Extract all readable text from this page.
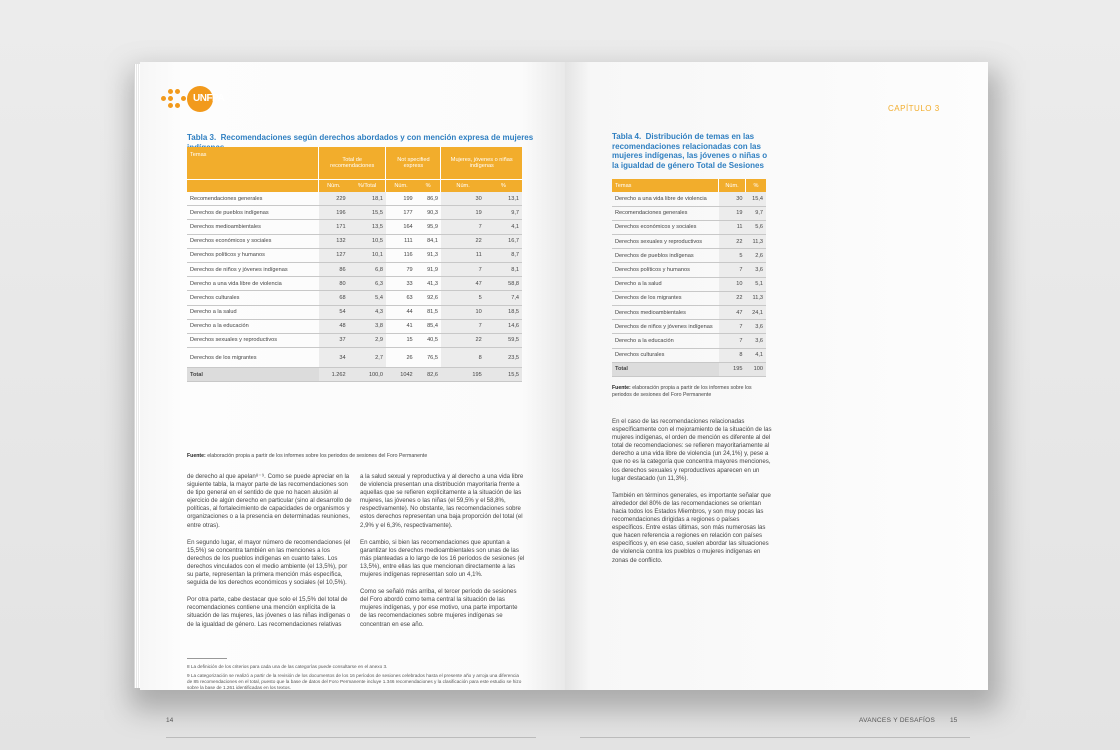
UNFPA
Tabla 3. Recomendaciones según derechos abordados y con mención expresa de mujeres
Temas	Total de recomendaciones		Not specified express		Mujeres, jóvenes o niñas indígenas	
	Núm.	%/Total	Núm.	%	Núm.	%
Recomendaciones generales	229	18,1	199	86,9	30	13,1
Derechos de pueblos indígenas	196	15,5	177	90,3	19	9,7
Derechos medioambientales	171	13,5	164	95,9	7	4,1
Derechos económicos y sociales	132	10,5	111	84,1	22	16,7
Derechos políticos y humanos	127	10,1	116	91,3	11	8,7
Derechos de niños y jóvenes indígenas	86	6,8	79	91,9	7	8,1
Derecho a una vida libre de violencia	80	6,3	33	41,3	47	58,8
Derechos culturales	68	5,4	63	92,6	5	7,4
Derecho a la salud	54	4,3	44	81,5	10	18,5
Derecho a la educación	48	3,8	41	85,4	7	14,6
Derechos sexuales y reproductivos	37	2,9	15	40,5	22	59,5
Derechos de los migrantes	34	2,7	26	76,5	8	23,5
Total	1.262	100,0	1042	82,6	195	15,5
Fuente: elaboración propia a partir de los informes sobre los periodos de sesiones del Foro Permanente

de derecho al que apelan⁸⁻⁹. Como se puede apreciar en la siguiente tabla, la mayor parte de las recomendaciones son de tipo general en el sentido de que no hacen alusión al ejercicio de algún derecho en particular (sino al desarrollo de políticas, al fortalecimiento de capacidades de organismos y organizaciones o a la presencia en determinadas reuniones, entre otras).

En segundo lugar, el mayor número de recomendaciones (el 15,5%) se concentra también en las menciones a los derechos de los pueblos indígenas en cuanto tales. Los derechos vinculados con el medio ambiente (el 13,5%), por su parte, representan la primera mención más específica, seguida de los derechos económicos y sociales (el 10,5%).

Por otra parte, cabe destacar que solo el 15,5% del total de recomendaciones contiene una mención explícita de la situación de las mujeres, las jóvenes o las niñas indígenas o de la igualdad de género. Las recomendaciones relativas

a la salud sexual y reproductiva y al derecho a una vida libre de violencia presentan una distribución mayoritaria frente a aquellas que se refieren explícitamente a la situación de las mujeres, las jóvenes o las niñas (el 59,5% y el 58,8%, respectivamente). No obstante, las recomendaciones sobre estos derechos representan una baja proporción del total (el 2,9% y el 6,3%, respectivamente).

En cambio, si bien las recomendaciones que apuntan a garantizar los derechos medioambientales son unas de las más planteadas a lo largo de los 16 períodos de sesiones (el 13,5%), entre ellas las que mencionan directamente a las mujeres indígenas representan solo un 4,1%.

Como se señaló más arriba, el tercer período de sesiones del Foro abordó como tema central la situación de las mujeres indígenas, y por ese motivo, una parte importante de las recomendaciones sobre mujeres indígenas se concentran en ese año.

8 La definición de los criterios para cada una de las categorías puede consultarse en el anexo 3.
9 La categorización se realizó a partir de la revisión de los documentos de los 16 períodos de sesiones celebrados hasta el presente año y arroja una diferencia de 85 recomendaciones en el total, puesto que la base de datos del Foro Permanente incluye 1.346 recomendaciones y la clasificación para este estudio se hizo sobre la base de 1.261 identificadas en los textos.
14
CAPÍTULO 3
Tabla 4. Distribución de temas en las recomendaciones relacionadas con las mujeres indígenas, las jóvenes o niñas o la igualdad de género Total de Sesiones
Temas	Núm.	%
Derecho a una vida libre de violencia	30	15,4
Recomendaciones generales	19	9,7
Derechos económicos y sociales	11	5,6
Derechos sexuales y reproductivos	22	11,3
Derechos de pueblos indígenas	5	2,6
Derechos políticos y humanos	7	3,6
Derecho a la salud	10	5,1
Derechos de los migrantes	22	11,3
Derechos medioambientales	47	24,1
Derechos de niños y jóvenes indígenas	7	3,6
Derecho a la educación	7	3,6
Derechos culturales	8	4,1
Total	195	100
Fuente: elaboración propia a partir de los informes sobre los periodos de sesiones del Foro Permanente

En el caso de las recomendaciones relacionadas específicamente con el mejoramiento de la situación de las mujeres indígenas, el orden de mención es diferente al del total de recomendaciones: se refieren mayoritariamente al derecho a una vida libre de violencia (un 24,1%) y, pese a que no es la categoría que concentra mayores menciones, los derechos sexuales y reproductivos aparecen en un lugar destacado (un 11,3%).

También en términos generales, es importante señalar que alrededor del 80% de las recomendaciones se orientan hacia todos los Estados Miembros, y son muy pocas las recomendaciones dirigidas a regiones o países específicos. Entre estas últimas, son más numerosas las que hacen referencia a regiones en relación con países específicos y, en ese caso, suelen abordar las situaciones de violencia contra los pueblos o mujeres indígenas en zonas de conflicto.

AVANCES Y DESAFÍOS 15
